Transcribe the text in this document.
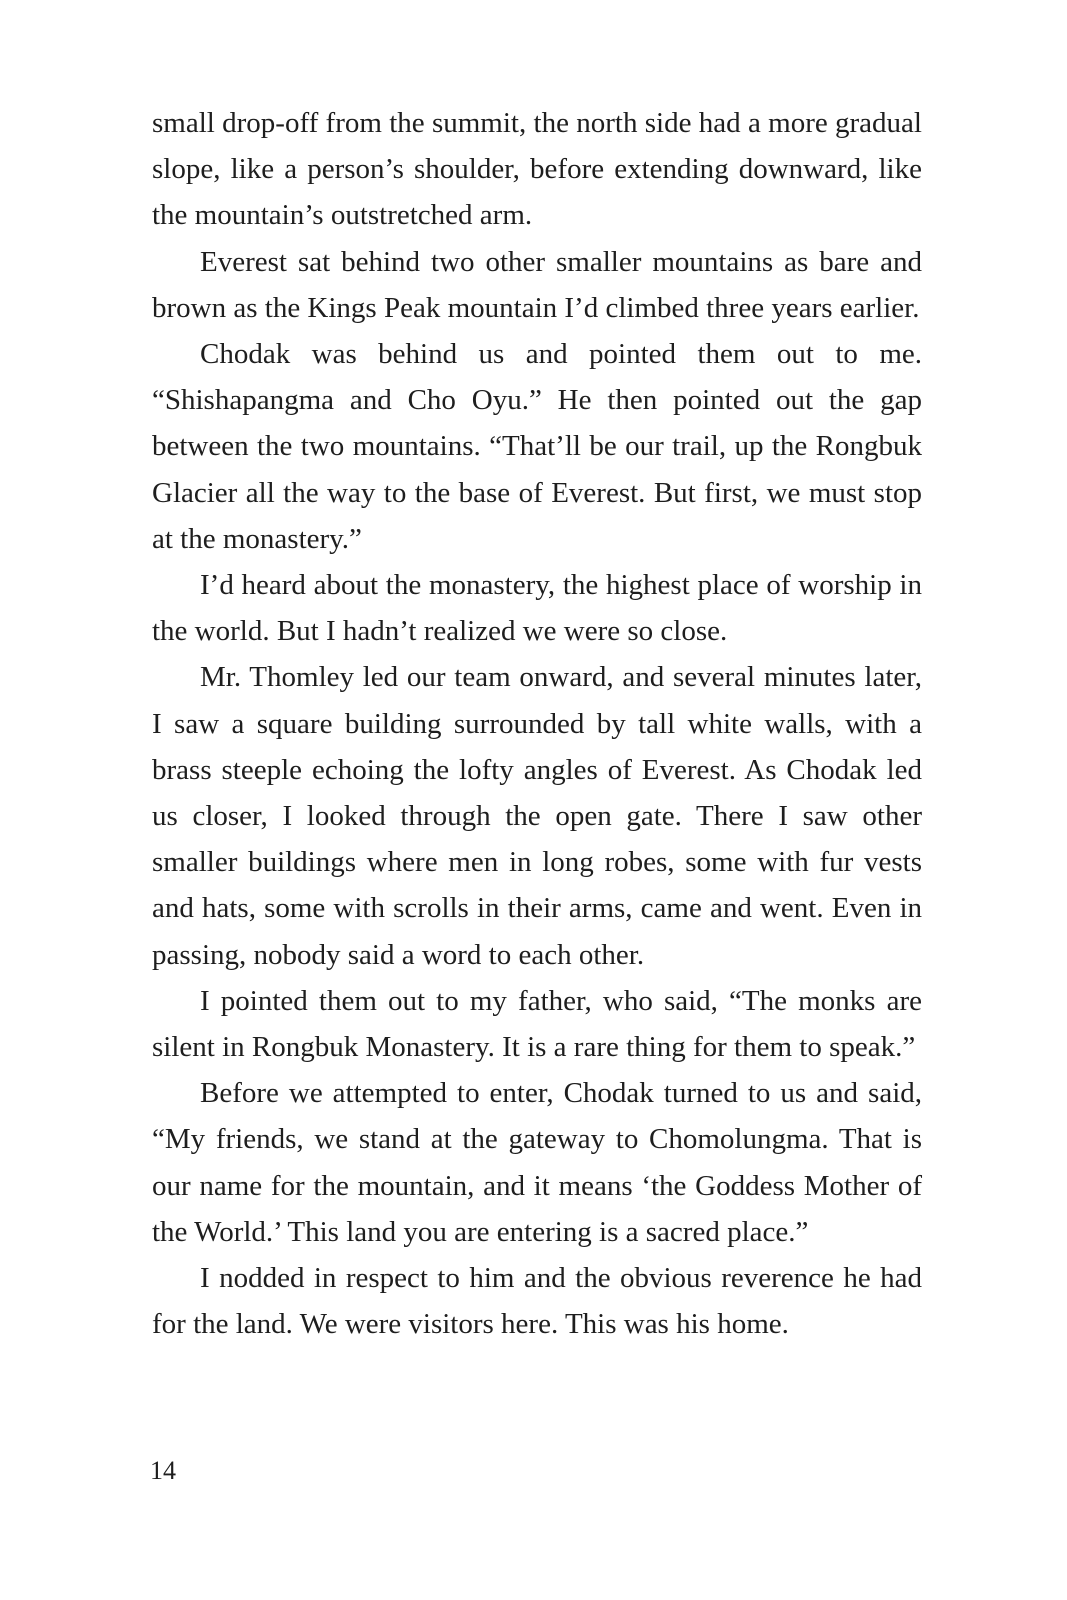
small drop-off from the summit, the north side had a more gradual slope, like a person’s shoulder, before extending downward, like the mountain’s outstretched arm.

Everest sat behind two other smaller mountains as bare and brown as the Kings Peak mountain I’d climbed three years earlier.

Chodak was behind us and pointed them out to me. “Shishapangma and Cho Oyu.” He then pointed out the gap between the two mountains. “That’ll be our trail, up the Rongbuk Glacier all the way to the base of Everest. But first, we must stop at the monastery.”

I’d heard about the monastery, the highest place of worship in the world. But I hadn’t realized we were so close.

Mr. Thomley led our team onward, and several minutes later, I saw a square building surrounded by tall white walls, with a brass steeple echoing the lofty angles of Everest. As Chodak led us closer, I looked through the open gate. There I saw other smaller buildings where men in long robes, some with fur vests and hats, some with scrolls in their arms, came and went. Even in passing, nobody said a word to each other.

I pointed them out to my father, who said, “The monks are silent in Rongbuk Monastery. It is a rare thing for them to speak.”

Before we attempted to enter, Chodak turned to us and said, “My friends, we stand at the gateway to Chomolungma. That is our name for the mountain, and it means ‘the Goddess Mother of the World.’ This land you are entering is a sacred place.”

I nodded in respect to him and the obvious reverence he had for the land. We were visitors here. This was his home.

14
